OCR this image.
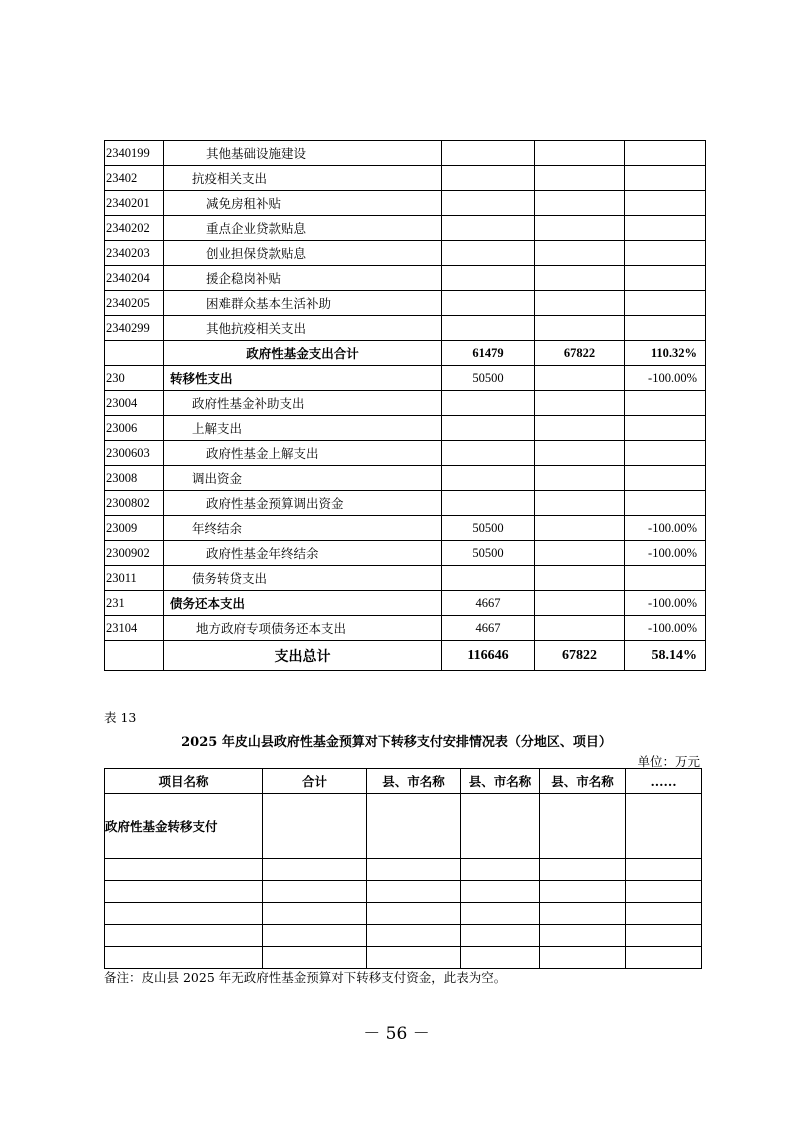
2340199	其他基础设施建设			
23402	抗疫相关支出			
2340201	减免房租补贴			
2340202	重点企业贷款贴息			
2340203	创业担保贷款贴息			
2340204	援企稳岗补贴			
2340205	困难群众基本生活补助			
2340299	其他抗疫相关支出			
	政府性基金支出合计	61479	67822	110.32%
230	转移性支出	50500		-100.00%
23004	政府性基金补助支出			
23006	上解支出			
2300603	政府性基金上解支出			
23008	调出资金			
2300802	政府性基金预算调出资金			
23009	年终结余	50500		-100.00%
2300902	政府性基金年终结余	50500		-100.00%
23011	债务转贷支出			
231	债务还本支出	4667		-100.00%
23104	地方政府专项债务还本支出	4667		-100.00%
	支出总计	116646	67822	58.14%
表 13
2025 年皮山县政府性基金预算对下转移支付安排情况表（分地区、项目）
单位：万元
项目名称	合计	县、市名称	县、市名称	县、市名称	......
政府性基金转移支付					

备注：皮山县 2025 年无政府性基金预算对下转移支付资金，此表为空。
－ 56 －
